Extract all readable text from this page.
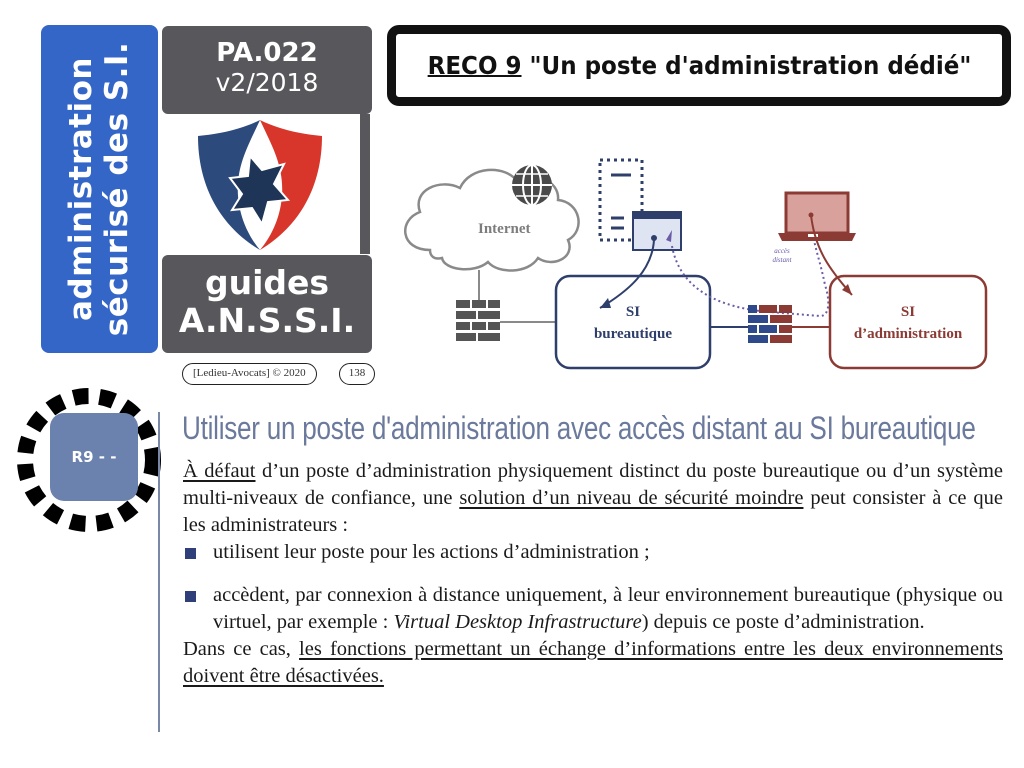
administration sécurisé des S.I.	PA.022
v2/2018
guides
A.N.S.S.I.
[Ledieu-Avocats] © 2020	138
RECO 9 "Un poste d'administration dédié"
Internet
SI
bureautique
SI
d’administration
accès
distant
R9 - -
Utiliser un poste d'administration avec accès distant au SI bureautique

À défaut d’un poste d’administration physiquement distinct du poste bureautique ou d’un système multi-niveaux de confiance, une solution d’un niveau de sécurité moindre peut consister à ce que les administrateurs :

utilisent leur poste pour les actions d’administration ;

accèdent, par connexion à distance uniquement, à leur environnement bureautique (physique ou virtuel, par exemple : Virtual Desktop Infrastructure) depuis ce poste d’administration.

Dans ce cas, les fonctions permettant un échange d’informations entre les deux environnements doivent être désactivées.
